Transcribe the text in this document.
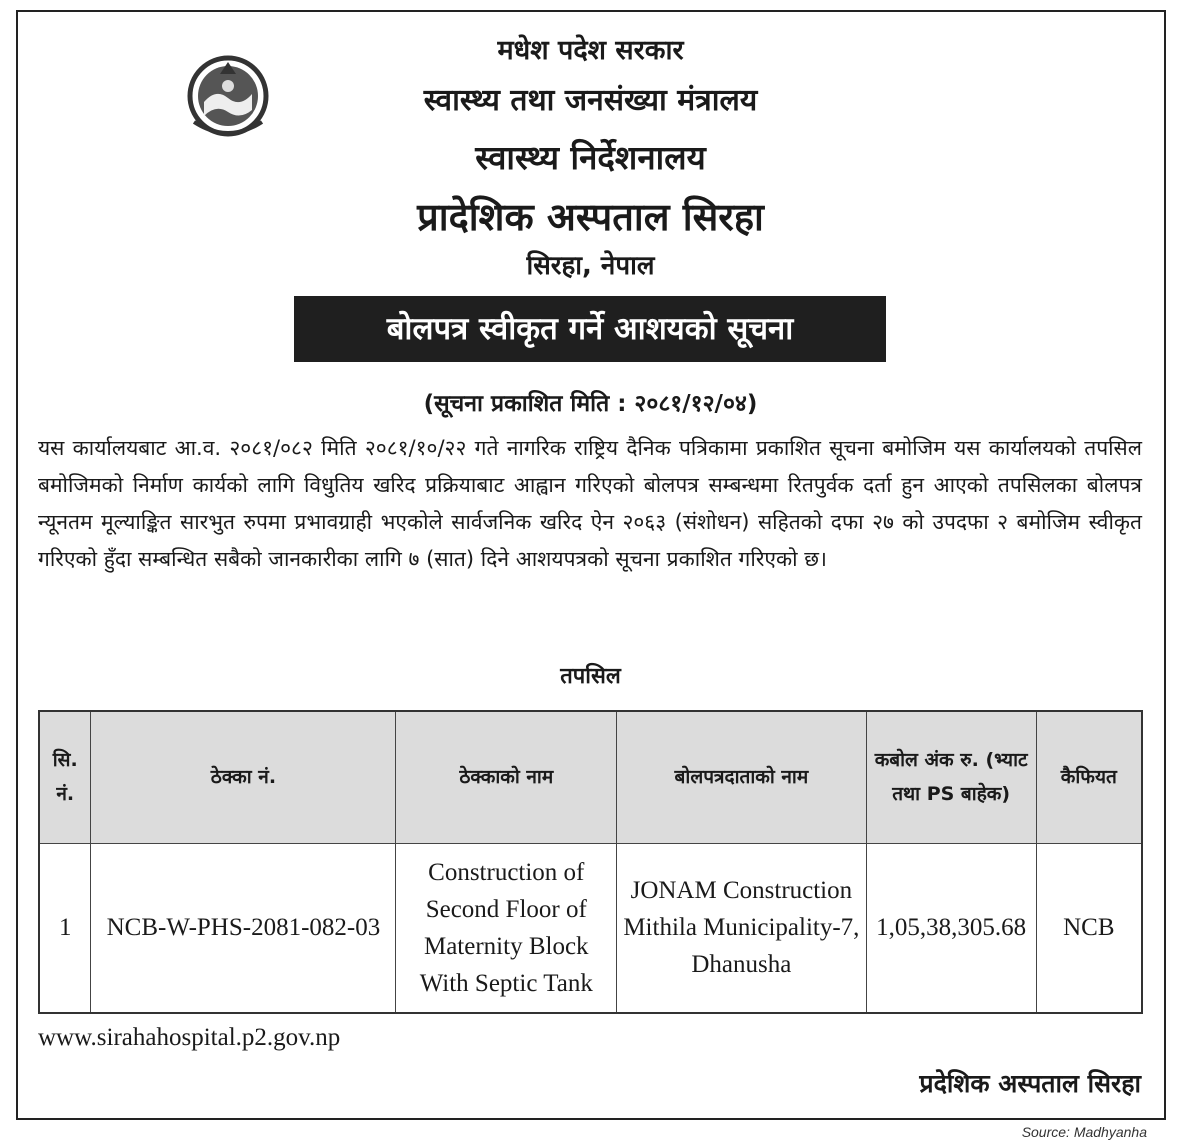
मधेश पदेश सरकार
स्वास्थ्य तथा जनसंख्या मंत्रालय
स्वास्थ्य निर्देशनालय
प्रादेशिक अस्पताल सिरहा
सिरहा, नेपाल
बोलपत्र स्वीकृत गर्ने आशयको सूचना
(सूचना प्रकाशित मिति : २०८१/१२/०४)
यस कार्यालयबाट आ.व. २०८१/०८२ मिति २०८१/१०/२२ गते नागरिक राष्ट्रिय दैनिक पत्रिकामा प्रकाशित सूचना बमोजिम यस कार्यालयको तपसिल बमोजिमको निर्माण कार्यको लागि विधुतिय खरिद प्रक्रियाबाट आह्वान गरिएको बोलपत्र सम्बन्धमा रितपुर्वक दर्ता हुन आएको तपसिलका बोलपत्र न्यूनतम मूल्याङ्कित सारभुत रुपमा प्रभावग्राही भएकोले सार्वजनिक खरिद ऐन २०६३ (संशोधन) सहितको दफा २७ को उपदफा २ बमोजिम स्वीकृत गरिएको हुँदा सम्बन्धित सबैको जानकारीका लागि ७ (सात) दिने आशयपत्रको सूचना प्रकाशित गरिएको छ।
तपसिल
सि. नं.	ठेक्का नं.	ठेक्काको नाम	बोलपत्रदाताको नाम	कबोल अंक रु. (भ्याट तथा PS बाहेक)	कैफियत
1	NCB-W-PHS-2081-082-03	Construction of Second Floor of Maternity Block With Septic Tank	JONAM Construction Mithila Municipality-7, Dhanusha	1,05,38,305.68	NCB
www.sirahahospital.p2.gov.np
प्रदेशिक अस्पताल सिरहा
Source: Madhyanha
